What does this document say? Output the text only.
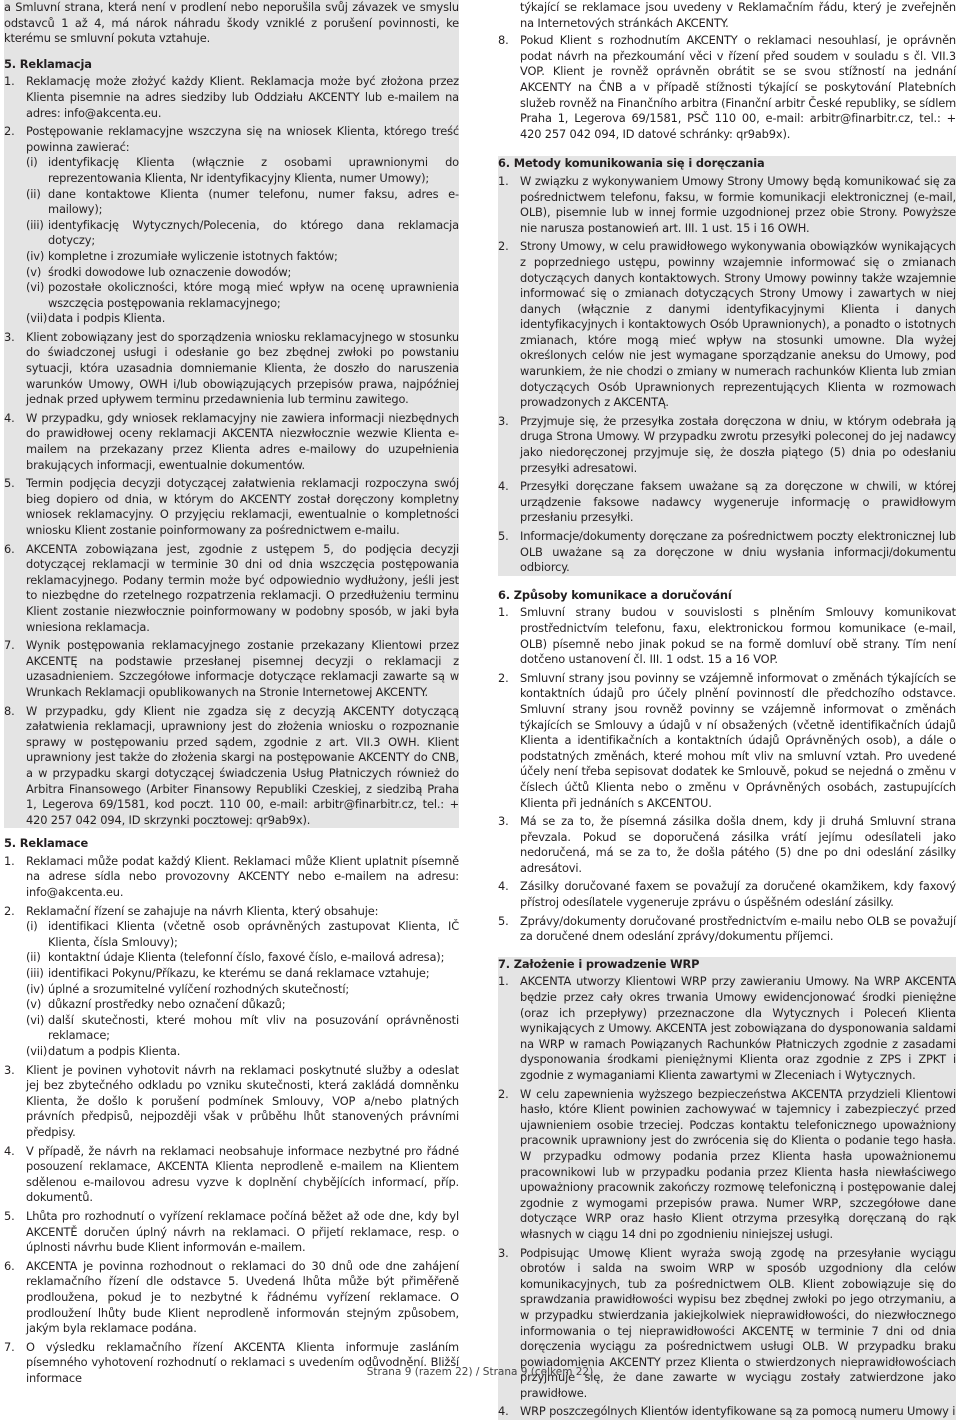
a Smluvní strana, která není v prodlení nebo neporušila svůj závazek ve smyslu odstavců 1 až 4, má nárok náhradu škody vzniklé z porušení povinnosti, ke kterému se smluvní pokuta vztahuje.
5. Reklamacja
1. Reklamację może złożyć każdy Klient. Reklamacja może być złożona przez Klienta pisemnie na adres siedziby lub Oddziału AKCENTY lub e-mailem na adres: info@akcenta.eu.
2. Postępowanie reklamacyjne wszczyna się na wniosek Klienta, którego treść powinna zawierać:
(i) identyfikację Klienta (włącznie z osobami uprawnionymi do reprezentowania Klienta, Nr identyfikacyjny Klienta, numer Umowy);
(ii) dane kontaktowe Klienta (numer telefonu, numer faksu, adres e-mailowy);
(iii) identyfikację Wytycznych/Polecenia, do którego dana reklamacja dotyczy;
(iv) kompletne i zrozumiałe wyliczenie istotnych faktów;
(v) środki dowodowe lub oznaczenie dowodów;
(vi) pozostałe okoliczności, które mogą mieć wpływ na ocenę uprawnienia wszczęcia postępowania reklamacyjnego;
(vii) data i podpis Klienta.
3. Klient zobowiązany jest do sporządzenia wniosku reklamacyjnego w stosunku do świadczonej usługi i odesłanie go bez zbędnej zwłoki po powstaniu sytuacji, która uzasadnia domniemanie Klienta, że doszło do naruszenia warunków Umowy, OWH i/lub obowiązujących przepisów prawa, najpóźniej jednak przed upływem terminu przedawnienia lub terminu zawitego.
4. W przypadku, gdy wniosek reklamacyjny nie zawiera informacji niezbędnych do prawidłowej oceny reklamacji AKCENTA niezwłocznie wezwie Klienta e-mailem na przekazany przez Klienta adres e-mailowy do uzupełnienia brakujących informacji, ewentualnie dokumentów.
5. Termin podjęcia decyzji dotyczącej załatwienia reklamacji rozpoczyna swój bieg dopiero od dnia, w którym do AKCENTY został doręczony kompletny wniosek reklamacyjny. O przyjęciu reklamacji, ewentualnie o kompletności wniosku Klient zostanie poinformowany za pośrednictwem e-mailu.
6. AKCENTA zobowiązana jest, zgodnie z ustępem 5, do podjęcia decyzji dotyczącej reklamacji w terminie 30 dni od dnia wszczęcia postępowania reklamacyjnego. Podany termin może być odpowiednio wydłużony, jeśli jest to niezbędne do rzetelnego rozpatrzenia reklamacji. O przedłużeniu terminu Klient zostanie niezwłocznie poinformowany w podobny sposób, w jaki była wniesiona reklamacja.
7. Wynik postępowania reklamacyjnego zostanie przekazany Klientowi przez AKCENTĘ na podstawie przesłanej pisemnej decyzji o reklamacji z uzasadnieniem. Szczegółowe informacje dotyczące reklamacji zawarte są w Wrunkach Reklamacji opublikowanych na Stronie Internetowej AKCENTY.
8. W przypadku, gdy Klient nie zgadza się z decyzją AKCENTY dotyczącą załatwienia reklamacji, uprawniony jest do złożenia wniosku o rozpoznanie sprawy w postępowaniu przed sądem, zgodnie z art. VII.3 OWH. Klient uprawniony jest także do złożenia skargi na postępowanie AKCENTY do CNB, a w przypadku skargi dotyczącej świadczenia Usług Płatniczych również do Arbitra Finansowego (Arbiter Finansowy Republiki Czeskiej, z siedzibą Praha 1, Legerova 69/1581, kod poczt. 110 00, e-mail: arbitr@finarbitr.cz, tel.: + 420 257 042 094, ID skrzynki pocztowej: qr9ab9x).
5. Reklamace
1. Reklamaci může podat každý Klient. Reklamaci může Klient uplatnit písemně na adrese sídla nebo provozovny AKCENTY nebo e-mailem na adresu: info@akcenta.eu.
2. Reklamační řízení se zahajuje na návrh Klienta, který obsahuje:
(i) identifikaci Klienta (včetně osob oprávněných zastupovat Klienta, IČ Klienta, čísla Smlouvy);
(ii) kontaktní údaje Klienta (telefonní číslo, faxové číslo, e-mailová adresa);
(iii) identifikaci Pokynu/Příkazu, ke kterému se daná reklamace vztahuje;
(iv) úplné a srozumitelné vylíčení rozhodných skutečností;
(v) důkazní prostředky nebo označení důkazů;
(vi) další skutečnosti, které mohou mít vliv na posuzování oprávněnosti reklamace;
(vii) datum a podpis Klienta.
3. Klient je povinen vyhotovit návrh na reklamaci poskytnuté služby a odeslat jej bez zbytečného odkladu po vzniku skutečnosti, která zakládá domněnku Klienta, že došlo k porušení podmínek Smlouvy, VOP a/nebo platných právních předpisů, nejpozději však v průběhu lhůt stanovených právními předpisy.
4. V případě, že návrh na reklamaci neobsahuje informace nezbytné pro řádné posouzení reklamace, AKCENTA Klienta neprodleně e-mailem na Klientem sdělenou e-mailovou adresu vyzve k doplnění chybějících informací, příp. dokumentů.
5. Lhůta pro rozhodnutí o vyřízení reklamace počíná běžet až ode dne, kdy byl AKCENTĚ doručen úplný návrh na reklamaci. O přijetí reklamace, resp. o úplnosti návrhu bude Klient informován e-mailem.
6. AKCENTA je povinna rozhodnout o reklamaci do 30 dnů ode dne zahájení reklamačního řízení dle odstavce 5. Uvedená lhůta může být přiměřeně prodloužena, pokud je to nezbytné k řádnému vyřízení reklamace. O prodloužení lhůty bude Klient neprodleně informován stejným způsobem, jakým byla reklamace podána.
7. O výsledku reklamačního řízení AKCENTA Klienta informuje zasláním písemného vyhotovení rozhodnutí o reklamaci s uvedením odůvodnění. Bližší informace
týkající se reklamace jsou uvedeny v Reklamačním řádu, který je zveřejněn na Internetových stránkách AKCENTY.
8. Pokud Klient s rozhodnutím AKCENTY o reklamaci nesouhlasí, je oprávněn podat návrh na přezkoumání věci v řízení před soudem v souladu s čl. VII.3 VOP. Klient je rovněž oprávněn obrátit se se svou stížností na jednání AKCENTY na ČNB a v případě stížnosti týkající se poskytování Platebních služeb rovněž na Finančního arbitra (Finanční arbitr České republiky, se sídlem Praha 1, Legerova 69/1581, PSČ 110 00, e-mail: arbitr@finarbitr.cz, tel.: + 420 257 042 094, ID datové schránky: qr9ab9x).
6. Metody komunikowania się i doręczania
1. W związku z wykonywaniem Umowy Strony Umowy będą komunikować się za pośrednictwem telefonu, faksu, w formie komunikacji elektronicznej (e-mail, OLB), pisemnie lub w innej formie uzgodnionej przez obie Strony. Powyższe nie narusza postanowień art. III. 1 ust. 15 i 16 OWH.
2. Strony Umowy, w celu prawidłowego wykonywania obowiązków wynikających z poprzedniego ustępu, powinny wzajemnie informować się o zmianach dotyczących danych kontaktowych. Strony Umowy powinny także wzajemnie informować się o zmianach dotyczących Strony Umowy i zawartych w niej danych (włącznie z danymi identyfikacyjnymi Klienta i danych identyfikacyjnych i kontaktowych Osób Uprawnionych), a ponadto o istotnych zmianach, które mogą mieć wpływ na stosunki umowne. Dla wyżej określonych celów nie jest wymagane sporządzanie aneksu do Umowy, pod warunkiem, że nie chodzi o zmiany w numerach rachunków Klienta lub zmian dotyczących Osób Uprawnionych reprezentujących Klienta w rozmowach prowadzonych z AKCENTĄ.
3. Przyjmuje się, że przesyłka została doręczona w dniu, w którym odebrała ją druga Strona Umowy. W przypadku zwrotu przesyłki poleconej do jej nadawcy jako niedoręczonej przyjmuje się, że doszła piątego (5) dnia po odesłaniu przesyłki adresatowi.
4. Przesyłki doręczane faksem uważane są za doręczone w chwili, w której urządzenie faksowe nadawcy wygeneruje informację o prawidłowym przesłaniu przesyłki.
5. Informacje/dokumenty doręczane za pośrednictwem poczty elektronicznej lub OLB uważane są za doręczone w dniu wysłania informacji/dokumentu odbiorcy.
6. Způsoby komunikace a doručování
1. Smluvní strany budou v souvislosti s plněním Smlouvy komunikovat prostřednictvím telefonu, faxu, elektronickou formou komunikace (e-mail, OLB) písemně nebo jinak pokud se na formě domluví obě strany. Tím není dotčeno ustanovení čl. III. 1 odst. 15 a 16 VOP.
2. Smluvní strany jsou povinny se vzájemně informovat o změnách týkajících se kontaktních údajů pro účely plnění povinností dle předchozího odstavce. Smluvní strany jsou rovněž povinny se vzájemně informovat o změnách týkajících se Smlouvy a údajů v ní obsažených (včetně identifikačních údajů Klienta a identifikačních a kontaktních údajů Oprávněných osob), a dále o podstatných změnách, které mohou mít vliv na smluvní vztah. Pro uvedené účely není třeba sepisovat dodatek ke Smlouvě, pokud se nejedná o změnu v číslech účtů Klienta nebo o změnu v Oprávněných osobách, zastupujících Klienta při jednáních s AKCENTOU.
3. Má se za to, že písemná zásilka došla dnem, kdy ji druhá Smluvní strana převzala. Pokud se doporučená zásilka vrátí jejímu odesílateli jako nedoručená, má se za to, že došla pátého (5) dne po dni odeslání zásilky adresátovi.
4. Zásilky doručované faxem se považují za doručené okamžikem, kdy faxový přístroj odesílatele vygeneruje zprávu o úspěšném odeslání zásilky.
5. Zprávy/dokumenty doručované prostřednictvím e-mailu nebo OLB se považují za doručené dnem odeslání zprávy/dokumentu příjemci.
7. Założenie i prowadzenie WRP
1. AKCENTA utworzy Klientowi WRP przy zawieraniu Umowy. Na WRP AKCENTA będzie przez cały okres trwania Umowy ewidencjonować środki pieniężne (oraz ich przepływy) przeznaczone dla Wytycznych i Poleceń Klienta wynikających z Umowy. AKCENTA jest zobowiązana do dysponowania saldami na WRP w ramach Powiązanych Rachunków Płatniczych zgodnie z zasadami dysponowania środkami pieniężnymi Klienta oraz zgodnie z ZPS i ZPKT i zgodnie z wymaganiami Klienta zawartymi w Zleceniach i Wytycznych.
2. W celu zapewnienia wyższego bezpieczeństwa AKCENTA przydzieli Klientowi hasło, które Klient powinien zachowywać w tajemnicy i zabezpieczyć przed ujawnieniem osobie trzeciej. Podczas kontaktu telefonicznego upoważniony pracownik uprawniony jest do zwrócenia się do Klienta o podanie tego hasła. W przypadku odmowy podania przez Klienta hasła upoważnionemu pracownikowi lub w przypadku podania przez Klienta hasła niewłaściwego upoważniony pracownik zakończy rozmowę telefoniczną i postępowanie dalej zgodnie z wymogami przepisów prawa. Numer WRP, szczegółowe dane dotyczące WRP oraz hasło Klient otrzyma przesyłką doręczaną do rąk własnych w ciągu 14 dni po zgodnieniu niniejszej usługi.
3. Podpisując Umowę Klient wyraża swoją zgodę na przesyłanie wyciągu obrotów i salda na swoim WRP w sposób uzgodniony dla celów komunikacyjnych, tub za pośrednictwem OLB. Klient zobowiązuje się do sprawdzania prawidłowości wypisu bez zbędnej zwłoki po jego otrzymaniu, a w przypadku stwierdzania jakiejkolwiek nieprawidłowości, do niezwłocznego informowania o tej nieprawidłowości AKCENTĘ w terminie 7 dni od dnia doręczenia wyciągu za pośrednictwem usługi OLB. W przypadku braku powiadomienia AKCENTY przez Klienta o stwierdzonych nieprawidłowościach przyjmuje się, że dane zawarte w wyciągu zostały zatwierdzone jako prawidłowe.
4. WRP poszczególnych Klientów identyfikowane są za pomocą numeru Umowy i
Strana 9 (razem 22) / Strana 9 (celkem 22)
